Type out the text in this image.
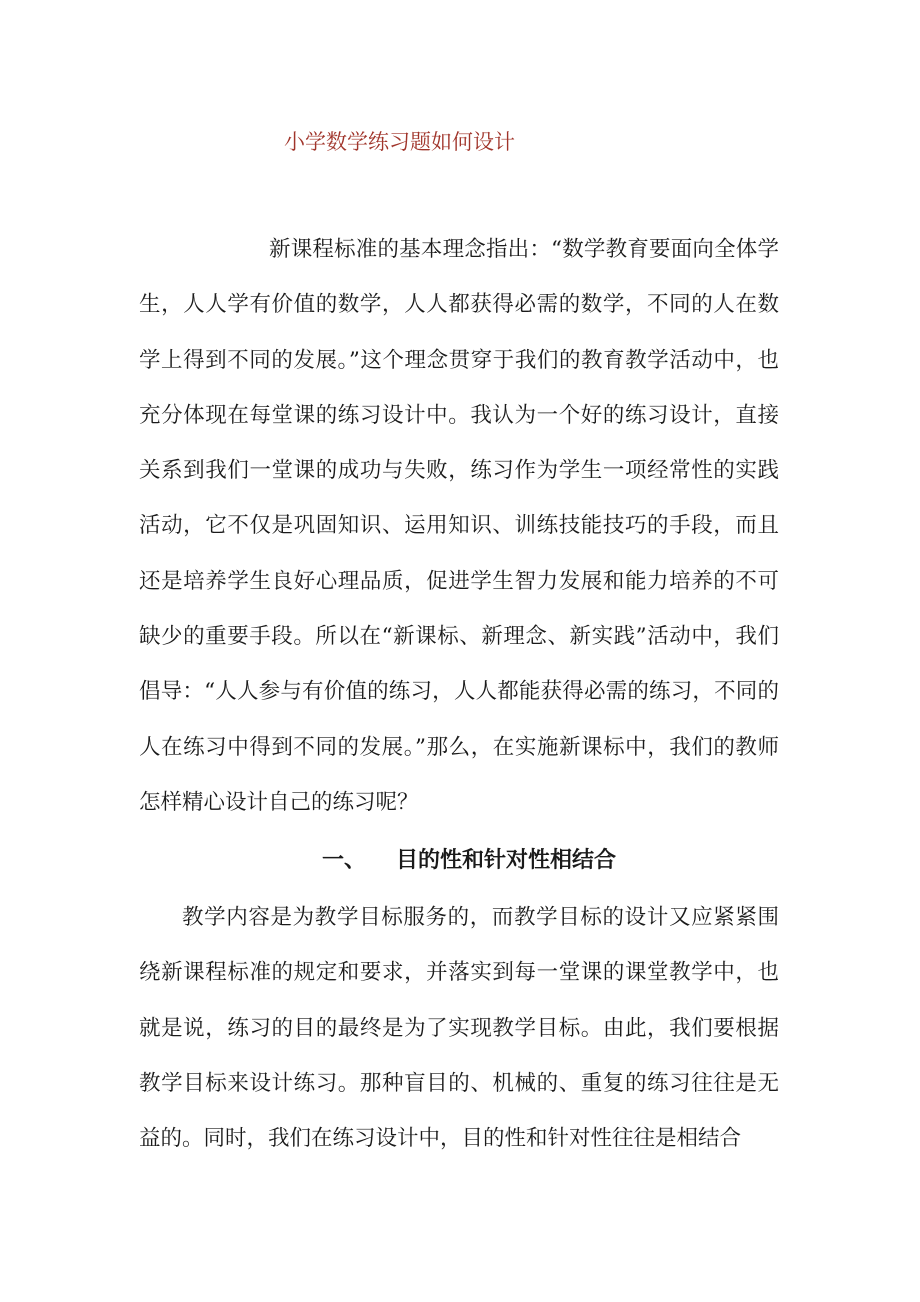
小学数学练习题如何设计

新课程标准的基本理念指出：“数学教育要面向全体学生，人人学有价值的数学，人人都获得必需的数学，不同的人在数学上得到不同的发展。”这个理念贯穿于我们的教育教学活动中，也充分体现在每堂课的练习设计中。我认为一个好的练习设计，直接关系到我们一堂课的成功与失败，练习作为学生一项经常性的实践活动，它不仅是巩固知识、运用知识、训练技能技巧的手段，而且还是培养学生良好心理品质，促进学生智力发展和能力培养的不可缺少的重要手段。所以在“新课标、新理念、新实践”活动中，我们倡导：“人人参与有价值的练习，人人都能获得必需的练习，不同的人在练习中得到不同的发展。”那么，在实施新课标中，我们的教师怎样精心设计自己的练习呢？

一、 目的性和针对性相结合

教学内容是为教学目标服务的，而教学目标的设计又应紧紧围绕新课程标准的规定和要求，并落实到每一堂课的课堂教学中，也就是说，练习的目的最终是为了实现教学目标。由此，我们要根据教学目标来设计练习。那种盲目的、机械的、重复的练习往往是无益的。同时，我们在练习设计中，目的性和针对性往往是相结合
